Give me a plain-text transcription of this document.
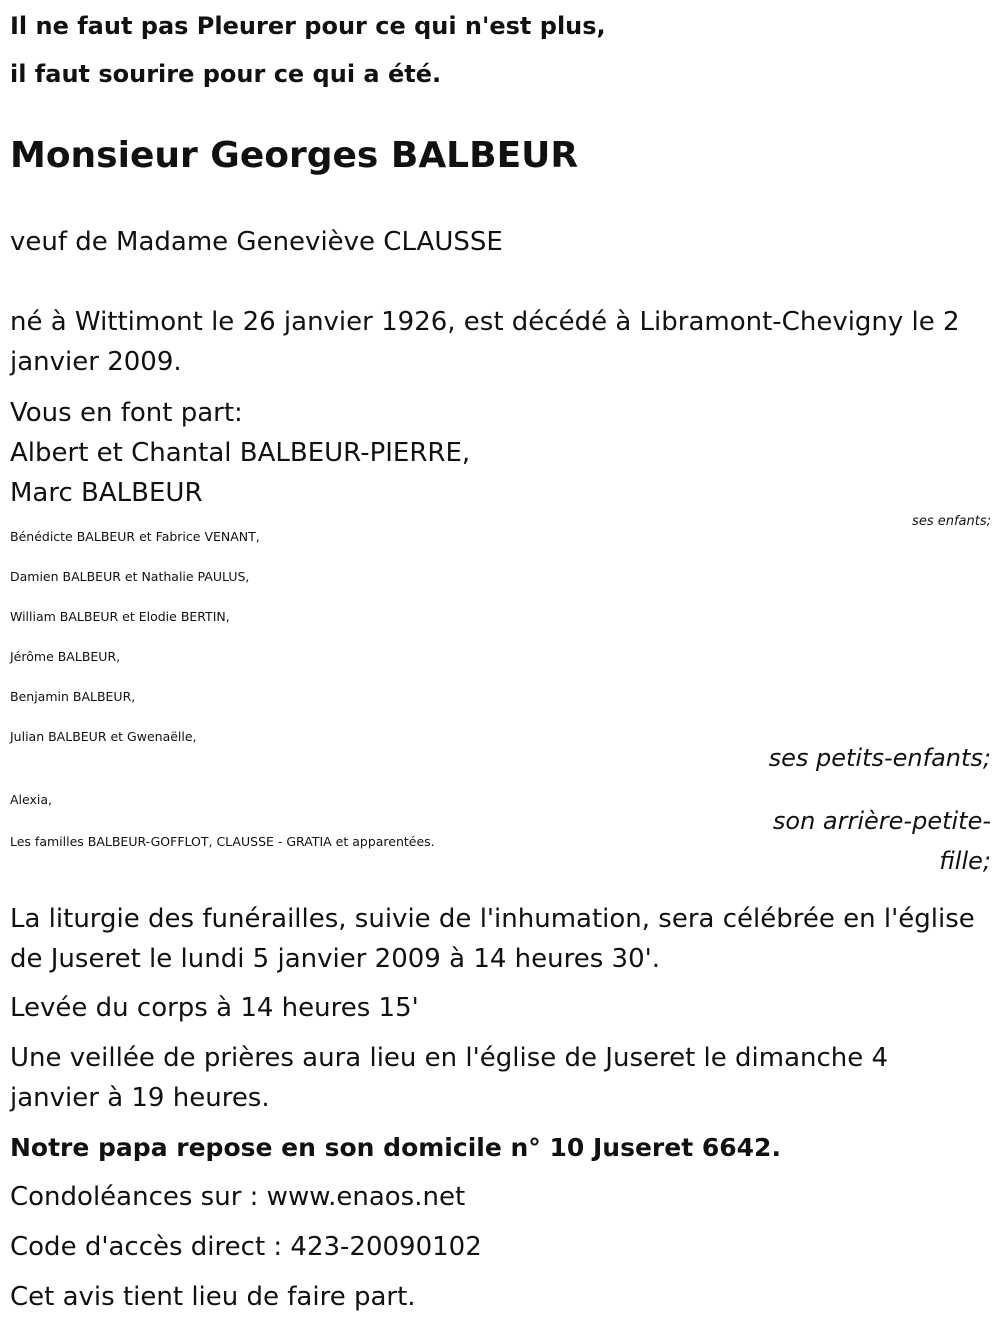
Il ne faut pas Pleurer pour ce qui n'est plus,
il faut sourire pour ce qui a été.
Monsieur Georges BALBEUR
veuf de Madame Geneviève CLAUSSE
né à Wittimont le 26 janvier 1926, est décédé à Libramont-Chevigny le 2 janvier 2009.
Vous en font part:
Albert et Chantal BALBEUR-PIERRE,
Marc BALBEUR
ses enfants;
Bénédicte BALBEUR et Fabrice VENANT,
Damien BALBEUR et Nathalie PAULUS,
William BALBEUR et Elodie BERTIN,
Jérôme BALBEUR,
Benjamin BALBEUR,
Julian BALBEUR et Gwenaëlle,
ses petits-enfants;
Alexia,
son arrière-petite-
fille;
Les familles BALBEUR-GOFFLOT, CLAUSSE - GRATIA et apparentées.
La liturgie des funérailles, suivie de l'inhumation, sera célébrée en l'église de Juseret le lundi 5 janvier 2009 à 14 heures 30'.
Levée du corps à 14 heures 15'
Une veillée de prières aura lieu en l'église de Juseret le dimanche 4 janvier à 19 heures.
Notre papa repose en son domicile n° 10 Juseret 6642.
Condoléances sur : www.enaos.net
Code d'accès direct : 423-20090102
Cet avis tient lieu de faire part.
